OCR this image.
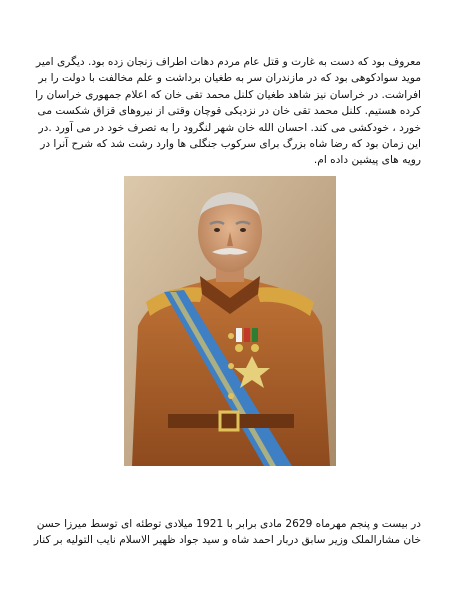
معروف بود که دست به غارت و قتل عام مردم دهات اطراف زنجان زده بود. دیگری امیر
موید سوادکوهی بود که در مازندران سر به طغیان برداشت و علم مخالفت با دولت را بر
افراشت. در خراسان نیز شاهد طغیان کلنل محمد تقی خان که اعلام جمهوری خراسان را
کرده هستیم. کلنل محمد تقی خان در نزدیکی قوچان وقتی از نیروهای قزاق شکست می
خورد ، خودکشی می کند. احسان الله خان شهر لنگرود را به تصرف خود در می آورد .در
این زمان بود که رضا شاه بزرگ برای سرکوب جنگلی ها وارد رشت شد که شرح آنرا در
رویه های پیشین داده ام.
در بیست و پنجم مهرماه 2629 مادی برابر با 1921 میلادی توطئه ای توسط میرزا حسن
خان مشارالملک وزیر سابق دربار احمد شاه و سید جواد ظهیر الاسلام نایب التولیه بر کنار
